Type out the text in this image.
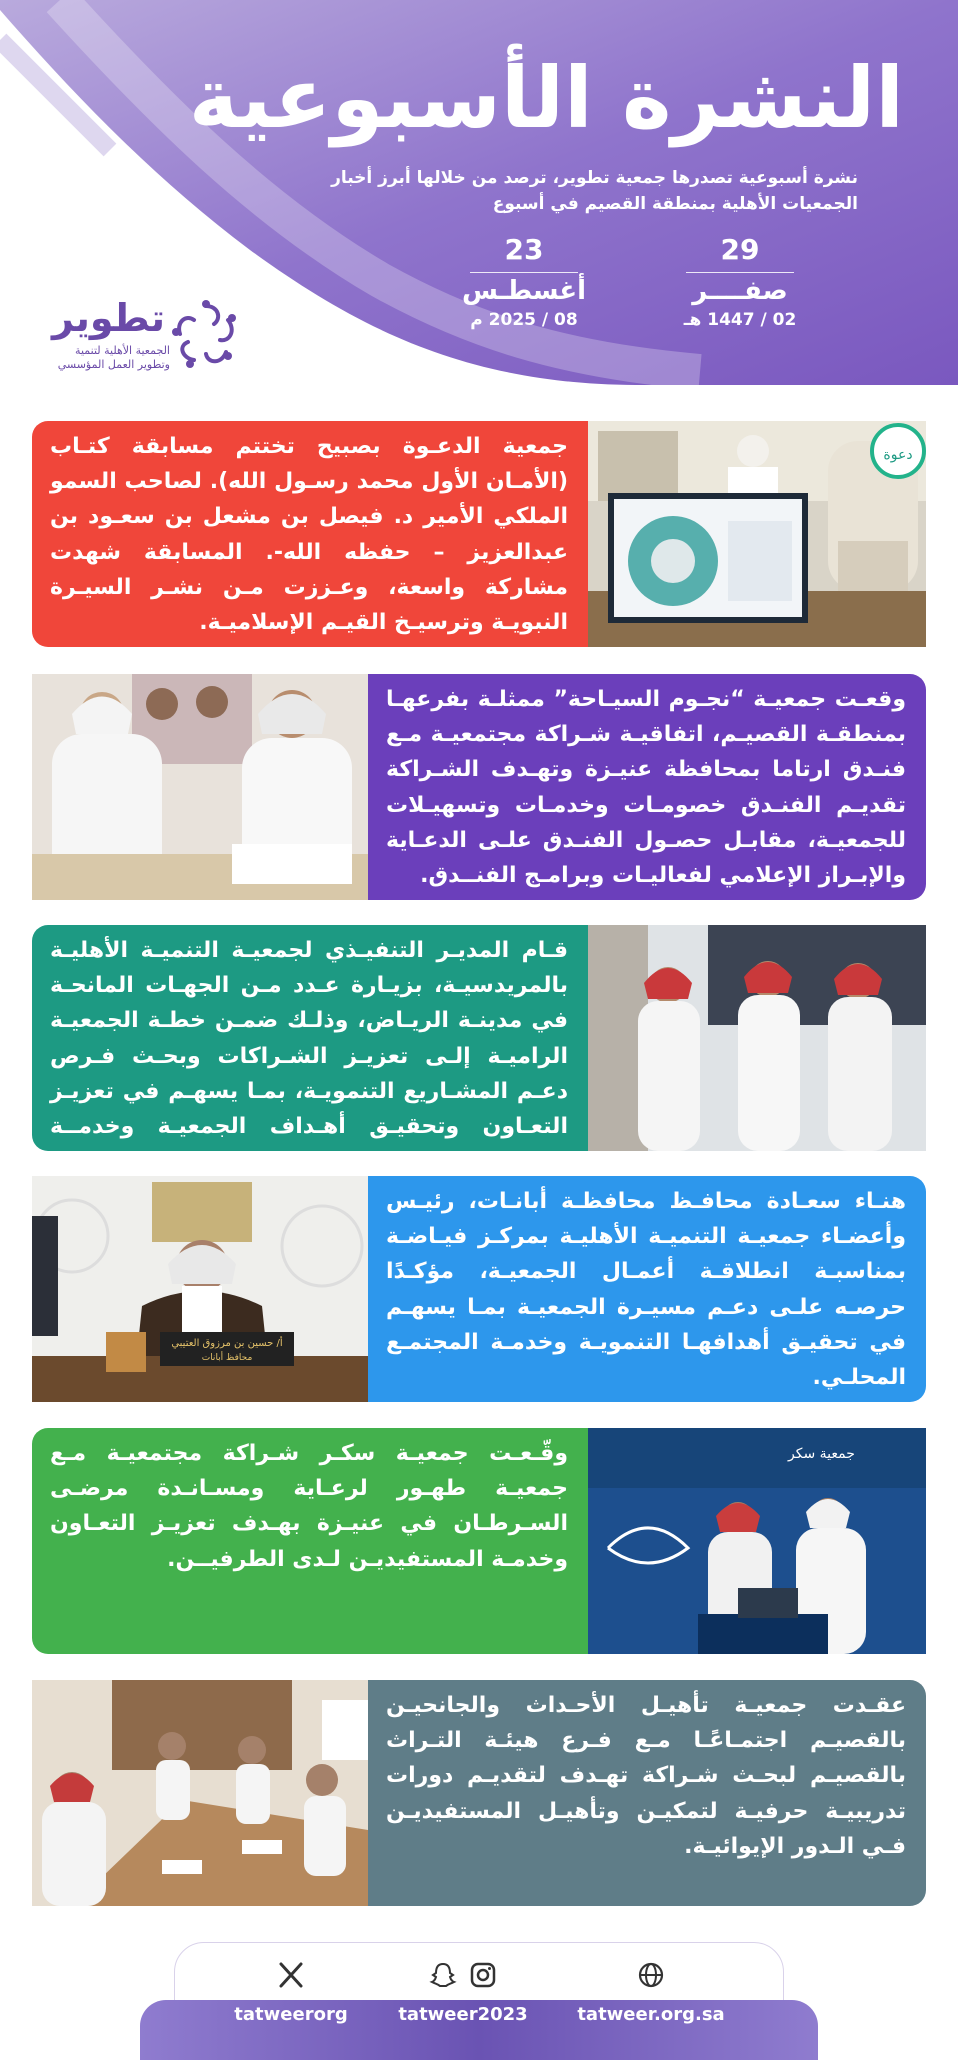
النشرة الأسبوعية
نشرة أسبوعية تصدرها جمعية تطوير، ترصد من خلالها أبرز أخبار الجمعيات الأهلية بمنطقة القصيم في أسبوع
29
صفــــر
02 / 1447 هـ
23
أغسطـس
08 / 2025 م
تطوير
الجمعية الأهلية لتنمية وتطوير العمل المؤسسي
دعوة
جمعية الدعـوة بصبيح تختتم مسابقة كتـاب (الأمـان الأول محمد رسـول الله). لصاحب السمو الملكي الأمير د. فيصل بن مشعل بن سعـود بن عبدالعزيز – حفظه الله-. المسابقة شهدت مشاركة واسعة، وعـززت مـن نشـر السيـرة النبويـة وترسيـخ القيـم الإسلاميـة.
وقعـت جمعيـة “نجـوم السيـاحة” ممثلـة بفرعهـا بمنطقـة القصيـم، اتفاقيـة شـراكة مجتمعيـة مـع فنـدق ارتاما بمحافظة عنيـزة وتهـدف الشـراكة تقديـم الفنـدق خصومـات وخدمـات وتسهيـلات للجمعيـة، مقابـل حصـول الفنـدق علـى الدعـاية والإبـراز الإعلامي لفعاليـات وبرامـج الفنــدق.
قـام المديـر التنفيـذي لجمعيـة التنميـة الأهليـة بالمريدسيـة، بزيـارة عـدد مـن الجهـات المانحـة في مدينـة الريـاض، وذلـك ضمـن خطـة الجمعيـة الراميـة إلـى تعزيـز الشـراكات وبحـث فـرص دعـم المشـاريع التنمويـة، بمـا يسهـم في تعزيـز التعـاون وتحقيـق أهـداف الجمعيـة وخدمــة المجتمـع.
أ/ حسين بن مرزوق العتيبي
محافظ أبانات
هنـاء سعـادة محافـظ محافظـة أبانـات، رئيـس وأعضـاء جمعيـة التنميـة الأهليـة بمركـز فيـاضـة بمناسبـة انطلاقـة أعمـال الجمعيـة، مؤكـدًا حرصـه علـى دعـم مسيـرة الجمعيـة بمـا يسهـم في تحقيـق أهدافهـا التنمويـة وخدمـة المجتمـع المحلـي.
جمعية سكر
وقّـعـت جمعيـة سكـر شـراكة مجتمعيـة مـع جمعيـة طهـور لرعـاية ومسـانـدة مرضـى السـرطـان في عنيـزة بهـدف تعزيـز التعـاون وخدمـة المستفيديـن لـدى الطرفيــن.
عقـدت جمعيـة تأهيـل الأحـداث والجانحيـن بالقصيـم اجتمـاعًـا مـع فـرع هيئـة التـراث بالقصيـم لبحـث شـراكة تهـدف لتقديـم دورات تدريبيـة حرفيـة لتمكيـن وتأهيـل المستفيديـن فـي الـدور الإيوائيـة.
tatweerorg	tatweer2023	tatweer.org.sa
